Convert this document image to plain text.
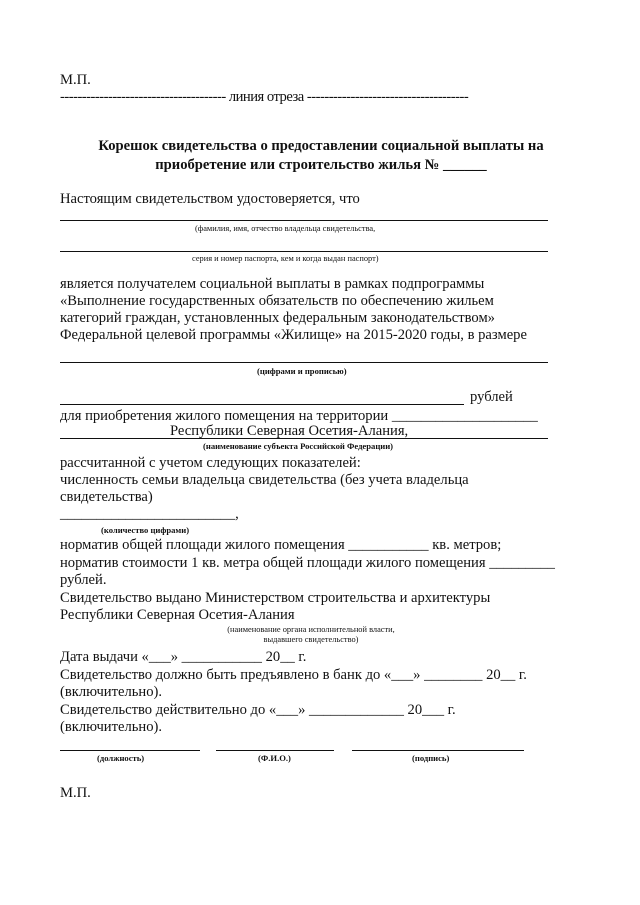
М.П.
-------------------------------------- линия отреза -------------------------------------
Корешок свидетельства о предоставлении социальной выплаты на
приобретение или строительство жилья № ______
Настоящим свидетельством удостоверяется, что
(фамилия, имя, отчество владельца свидетельства,
серия и номер паспорта, кем и когда выдан паспорт)
является получателем социальной выплаты в рамках подпрограммы
«Выполнение государственных обязательств по обеспечению жильем
категорий граждан, установленных федеральным законодательством»
Федеральной целевой программы «Жилище» на 2015-2020 годы, в размере
(цифрами и прописью)
рублей
для приобретения жилого помещения на территории ____________________
Республики Северная Осетия-Алания,
(наименование субъекта Российской Федерации)
рассчитанной с учетом следующих показателей:
численность семьи владельца свидетельства (без учета владельца
свидетельства)
________________________,
(количество цифрами)
норматив общей площади жилого помещения ___________ кв. метров;
норматив стоимости 1 кв. метра общей площади жилого помещения _________
рублей.
Свидетельство выдано Министерством строительства и архитектуры
Республики Северная Осетия-Алания
(наименование органа исполнительной власти,
выдавшего свидетельство)
Дата выдачи «___» ___________ 20__ г.
Свидетельство должно быть предъявлено в банк до «___» ________ 20__ г.
(включительно).
Свидетельство действительно до «___» _____________ 20___ г.
(включительно).
(должность)	(Ф.И.О.)	(подпись)
М.П.
